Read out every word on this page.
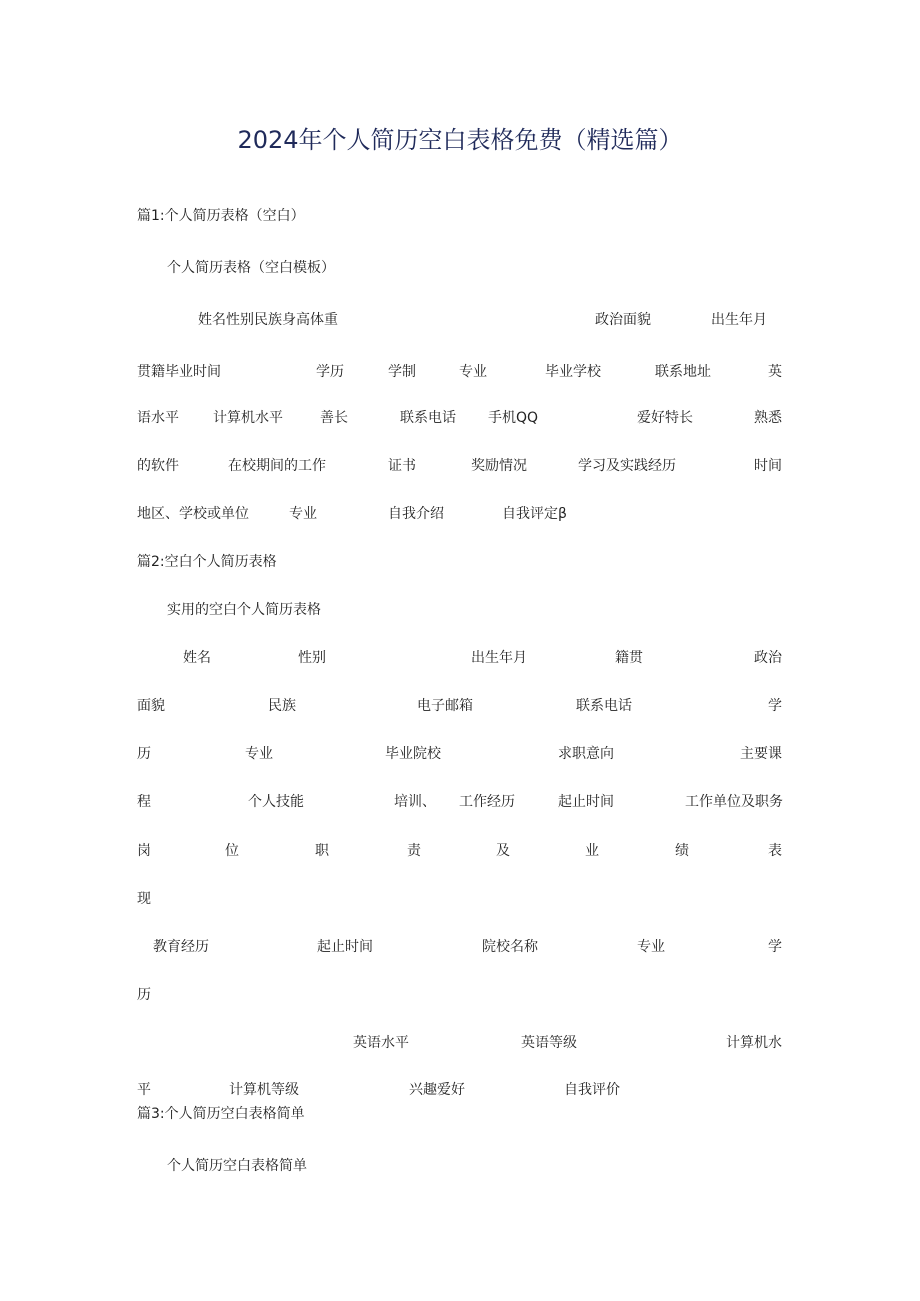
2024年个人简历空白表格免费（精选篇）
篇1:个人简历表格（空白）
个人简历表格（空白模板）
姓名性别民族身高体重	政治面貌	出生年月
贯籍毕业时间	学历	学制	专业	毕业学校	联系地址	英
语水平 计算机水平	善长	联系电话 手机QQ	爱好特长	熟悉
的软件	在校期间的工作	证书	奖励情况	学习及实践经历	时间
地区、学校或单位	专业	自我介绍	自我评定β
篇2:空白个人简历表格
实用的空白个人简历表格
姓名	性别	出生年月	籍贯	政治
面貌	民族	电子邮箱	联系电话	学
历	专业	毕业院校	求职意向	主要课
程	个人技能	培训、 工作经历	起止时间	工作单位及职务
岗	位	职	责	及	业	绩	表
现
教育经历	起止时间	院校名称	专业	学
历
英语水平	英语等级	计算机水
平	计算机等级	兴趣爱好	自我评价
篇3:个人简历空白表格简单
个人简历空白表格简单
